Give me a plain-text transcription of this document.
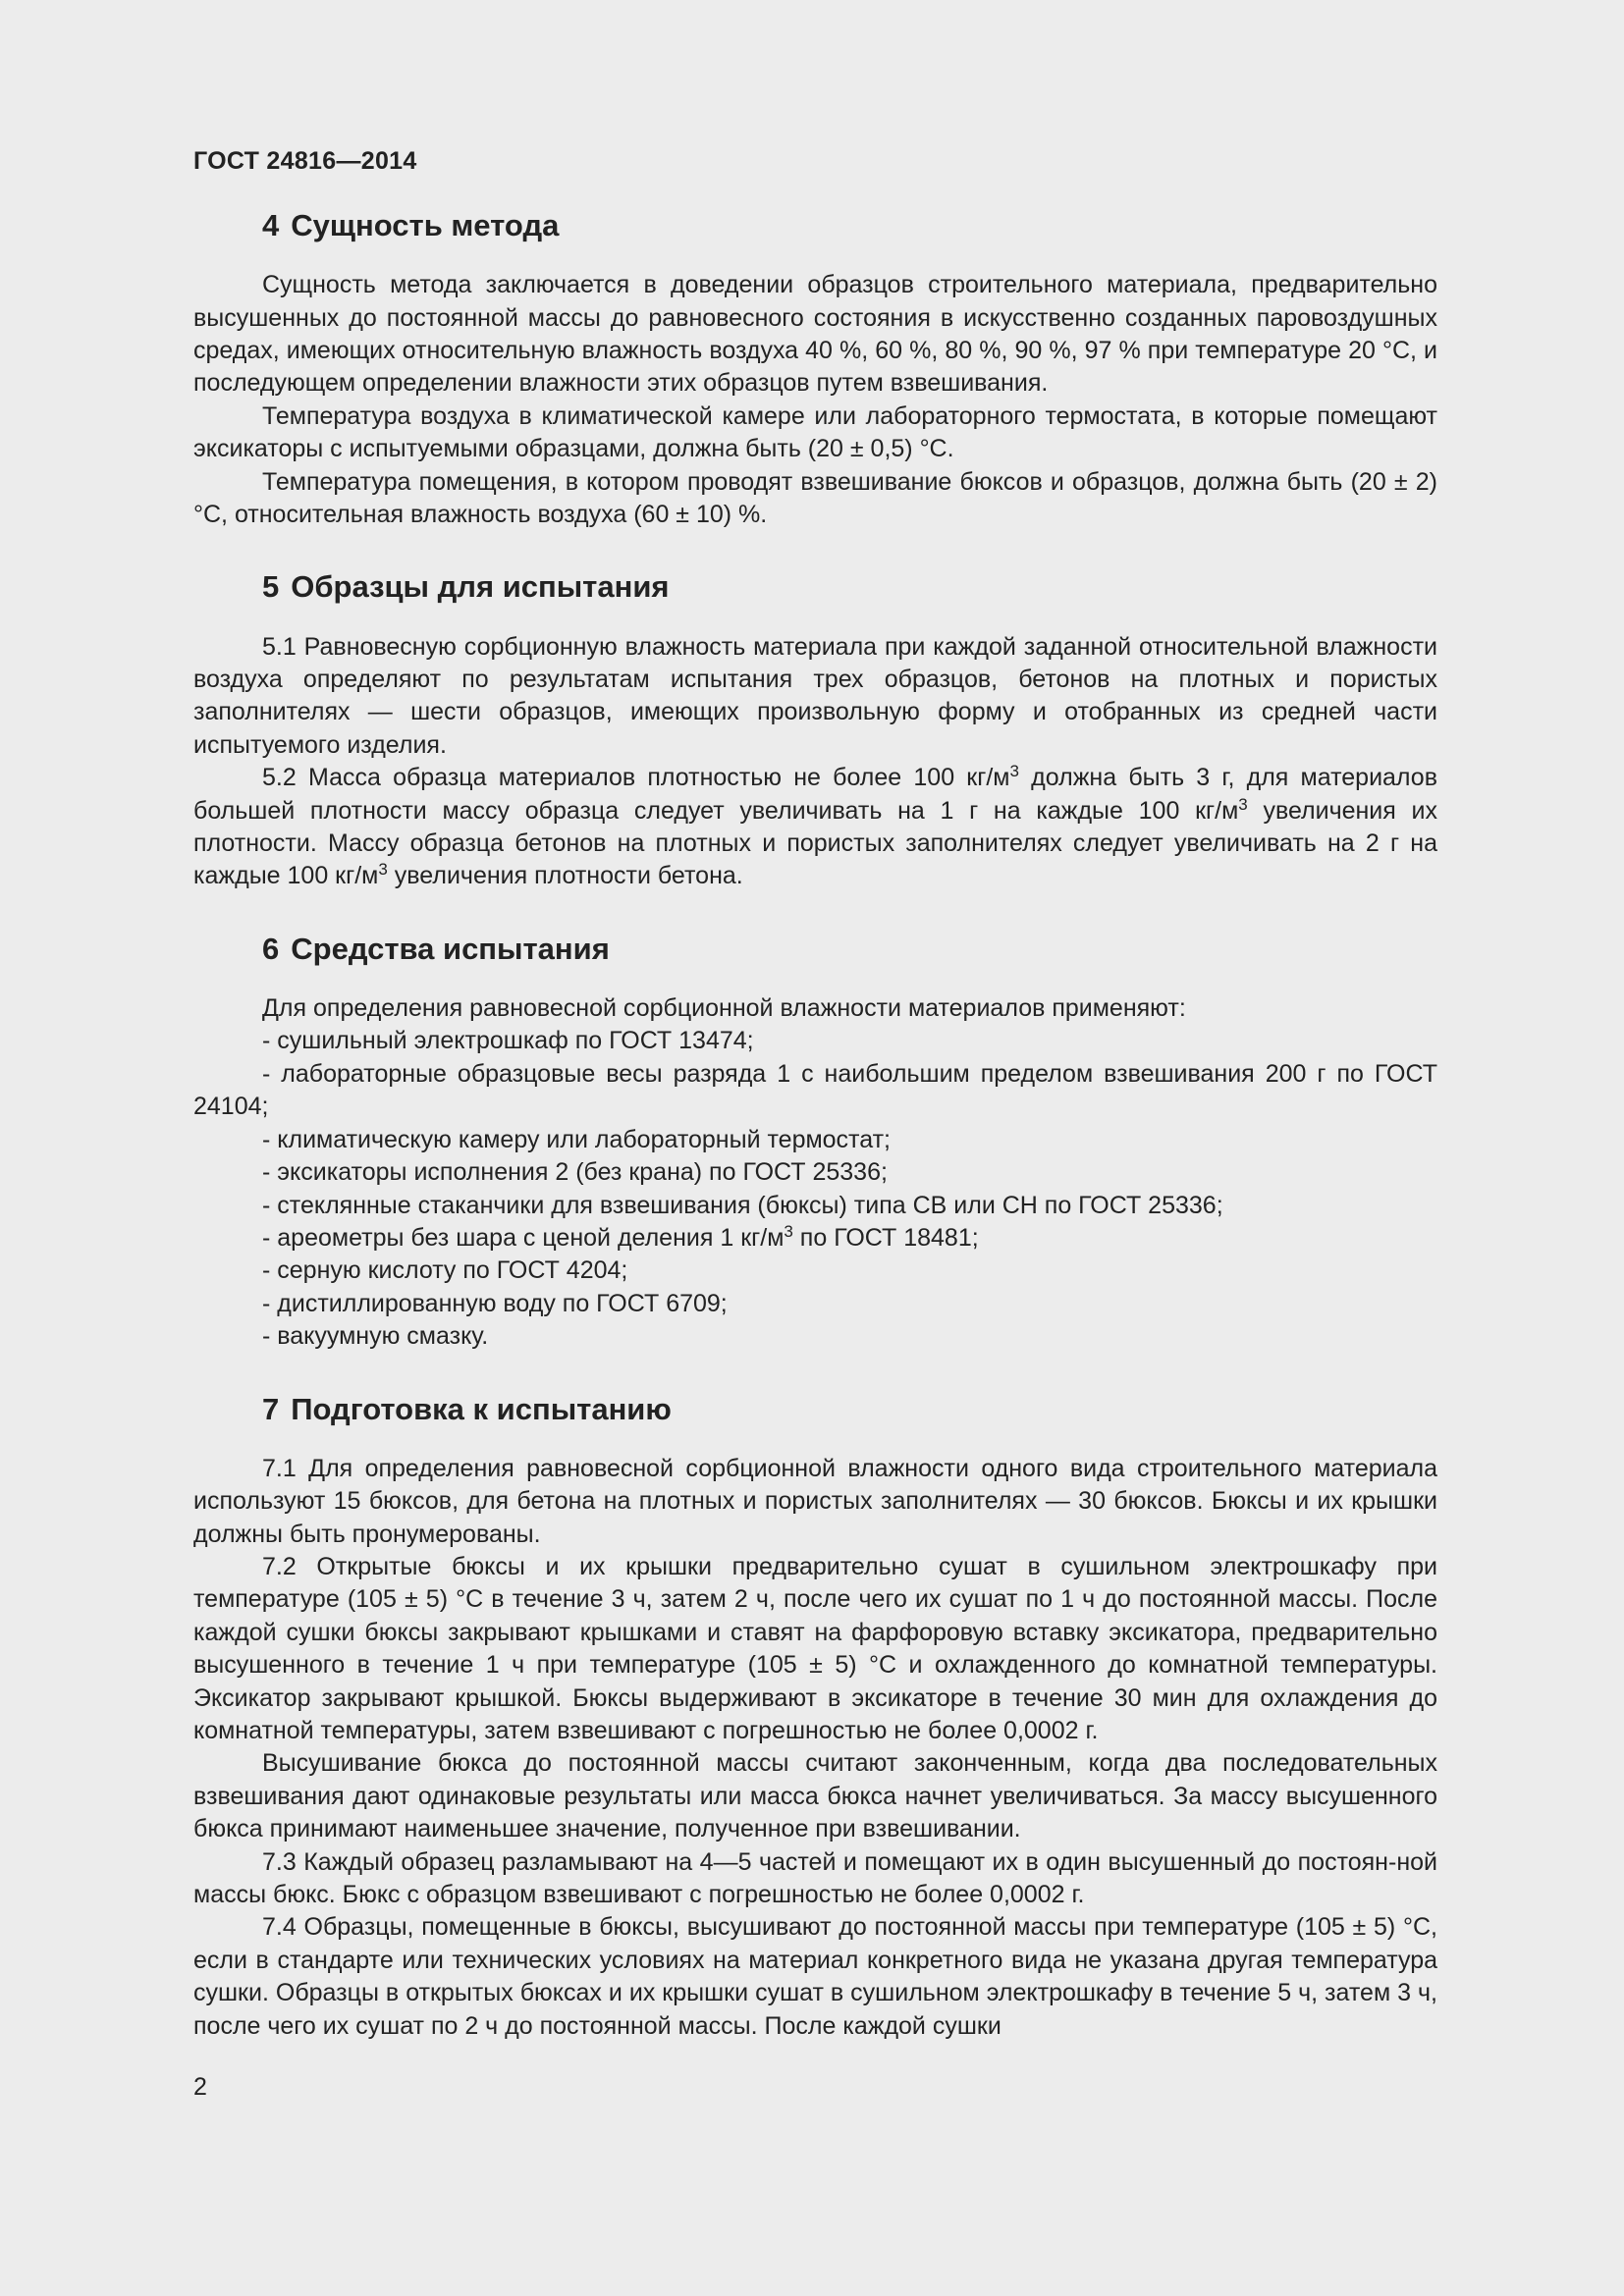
ГОСТ 24816—2014
4 Сущность метода

Сущность метода заключается в доведении образцов строительного материала, предварительно высушенных до постоянной массы до равновесного состояния в искусственно созданных паровоздушных средах, имеющих относительную влажность воздуха 40 %, 60 %, 80 %, 90 %, 97 % при температуре 20 °С, и последующем определении влажности этих образцов путем взвешивания.

Температура воздуха в климатической камере или лабораторного термостата, в которые помещают эксикаторы с испытуемыми образцами, должна быть (20 ± 0,5) °С.

Температура помещения, в котором проводят взвешивание бюксов и образцов, должна быть (20 ± 2) °С, относительная влажность воздуха (60 ± 10) %.

5 Образцы для испытания

5.1 Равновесную сорбционную влажность материала при каждой заданной относительной влажности воздуха определяют по результатам испытания трех образцов, бетонов на плотных и пористых заполнителях — шести образцов, имеющих произвольную форму и отобранных из средней части испытуемого изделия.

5.2 Масса образца материалов плотностью не более 100 $кг/м^3$ должна быть 3 г, для материалов большей плотности массу образца следует увеличивать на 1 г на каждые 100 $кг/м^3$ увеличения их плотности. Массу образца бетонов на плотных и пористых заполнителях следует увеличивать на 2 г на каждые 100 $кг/м^3$ увеличения плотности бетона.

6 Средства испытания

Для определения равновесной сорбционной влажности материалов применяют:

- сушильный электрошкаф по ГОСТ 13474;

- лабораторные образцовые весы разряда 1 с наибольшим пределом взвешивания 200 г по ГОСТ 24104;

- климатическую камеру или лабораторный термостат;

- эксикаторы исполнения 2 (без крана) по ГОСТ 25336;

- стеклянные стаканчики для взвешивания (бюксы) типа СВ или СН по ГОСТ 25336;

- ареометры без шара с ценой деления 1 $кг/м^3$ по ГОСТ 18481;

- серную кислоту по ГОСТ 4204;

- дистиллированную воду по ГОСТ 6709;

- вакуумную смазку.

7 Подготовка к испытанию

7.1 Для определения равновесной сорбционной влажности одного вида строительного материала используют 15 бюксов, для бетона на плотных и пористых заполнителях — 30 бюксов. Бюксы и их крышки должны быть пронумерованы.

7.2 Открытые бюксы и их крышки предварительно сушат в сушильном электрошкафу при температуре (105 ± 5) °С в течение 3 ч, затем 2 ч, после чего их сушат по 1 ч до постоянной массы. После каждой сушки бюксы закрывают крышками и ставят на фарфоровую вставку эксикатора, предварительно высушенного в течение 1 ч при температуре (105 ± 5) °С и охлажденного до комнатной температуры. Эксикатор закрывают крышкой. Бюксы выдерживают в эксикаторе в течение 30 мин для охлаждения до комнатной температуры, затем взвешивают с погрешностью не более 0,0002 г.

Высушивание бюкса до постоянной массы считают законченным, когда два последовательных взвешивания дают одинаковые результаты или масса бюкса начнет увеличиваться. За массу высушенного бюкса принимают наименьшее значение, полученное при взвешивании.

7.3 Каждый образец разламывают на 4—5 частей и помещают их в один высушенный до постоян-ной массы бюкс. Бюкс с образцом взвешивают с погрешностью не более 0,0002 г.

7.4 Образцы, помещенные в бюксы, высушивают до постоянной массы при температуре (105 ± 5) °С, если в стандарте или технических условиях на материал конкретного вида не указана другая температура сушки. Образцы в открытых бюксах и их крышки сушат в сушильном электрошкафу в течение 5 ч, затем 3 ч, после чего их сушат по 2 ч до постоянной массы. После каждой сушки

2
